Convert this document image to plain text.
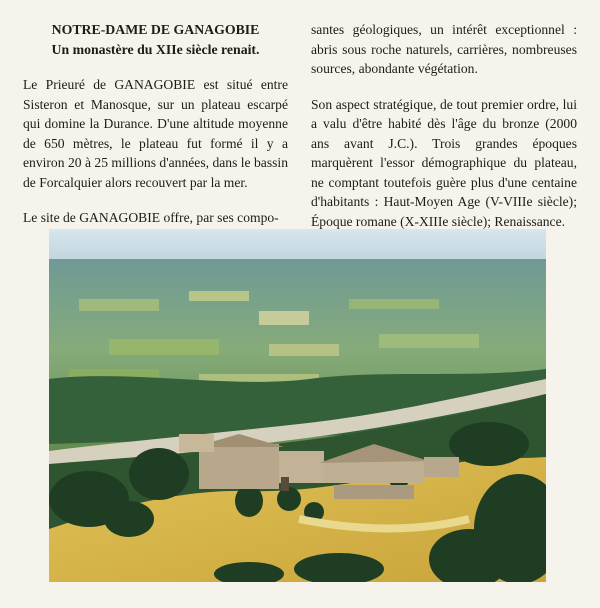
NOTRE-DAME DE GANAGOBIE
Un monastère du XIIe siècle renait.

Le Prieuré de GANAGOBIE est situé entre Sisteron et Manosque, sur un plateau escarpé qui domine la Durance. D'une altitude moyenne de 650 mètres, le plateau fut formé il y a environ 20 à 25 millions d'années, dans le bassin de Forcalquier alors recouvert par la mer.

Le site de GANAGOBIE offre, par ses compo-

santes géologiques, un intérêt exceptionnel : abris sous roche naturels, carrières, nombreuses sources, abondante végétation.

Son aspect stratégique, de tout premier ordre, lui a valu d'être habité dès l'âge du bronze (2000 ans avant J.C.). Trois grandes époques marquèrent l'essor démographique du plateau, ne comptant toutefois guère plus d'une centaine d'habitants : Haut-Moyen Age (V-VIIIe siècle); Époque romane (X-XIIIe siècle); Renaissance.
